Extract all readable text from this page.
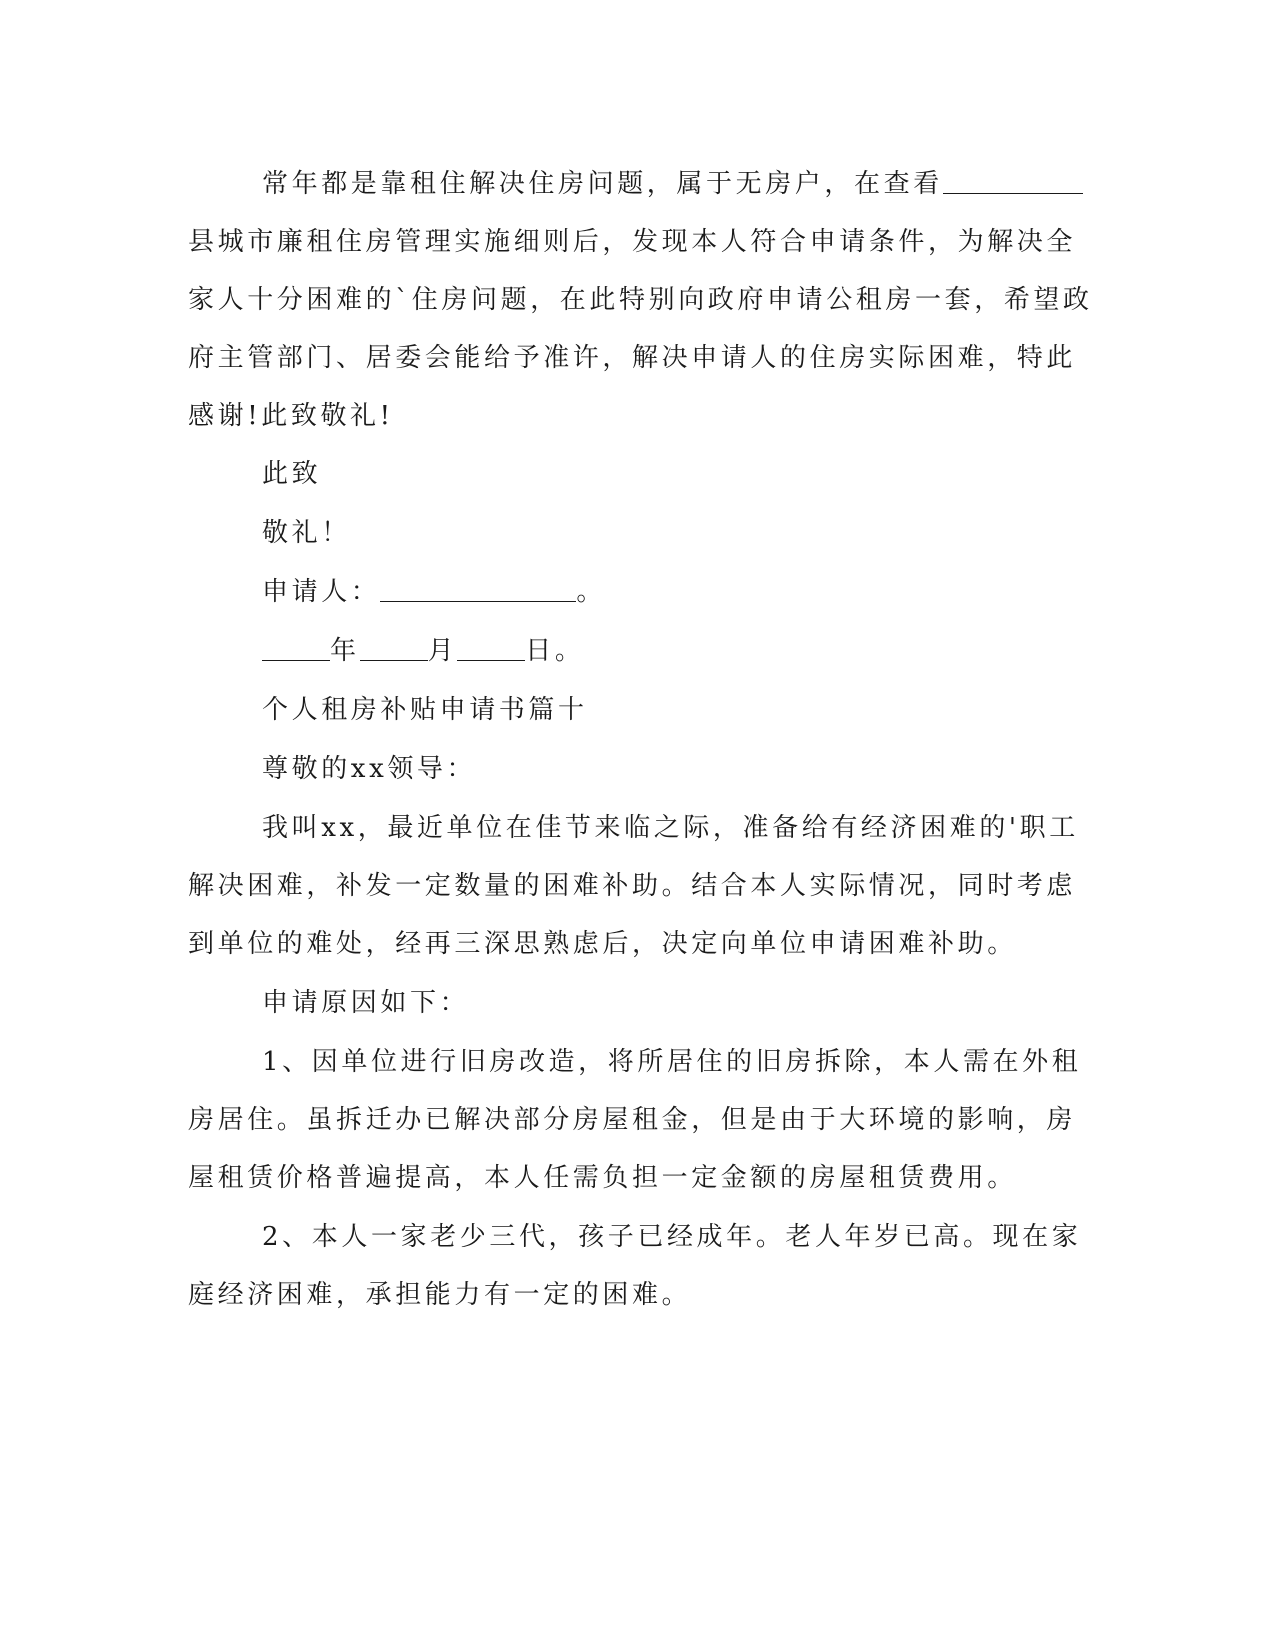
常年都是靠租住解决住房问题，属于无房户，在查看
县城市廉租住房管理实施细则后，发现本人符合申请条件，为解决全
家人十分困难的`住房问题，在此特别向政府申请公租房一套，希望政
府主管部门、居委会能给予准许，解决申请人的住房实际困难，特此
感谢!此致敬礼!
此致
敬礼！
申请人：	。
年	月	日。
个人租房补贴申请书篇十
尊敬的xx领导：
我叫xx，最近单位在佳节来临之际，准备给有经济困难的'职工
解决困难，补发一定数量的困难补助。结合本人实际情况，同时考虑
到单位的难处，经再三深思熟虑后，决定向单位申请困难补助。
申请原因如下：
1、因单位进行旧房改造，将所居住的旧房拆除，本人需在外租
房居住。虽拆迁办已解决部分房屋租金，但是由于大环境的影响，房
屋租赁价格普遍提高，本人任需负担一定金额的房屋租赁费用。
2、本人一家老少三代，孩子已经成年。老人年岁已高。现在家
庭经济困难，承担能力有一定的困难。
